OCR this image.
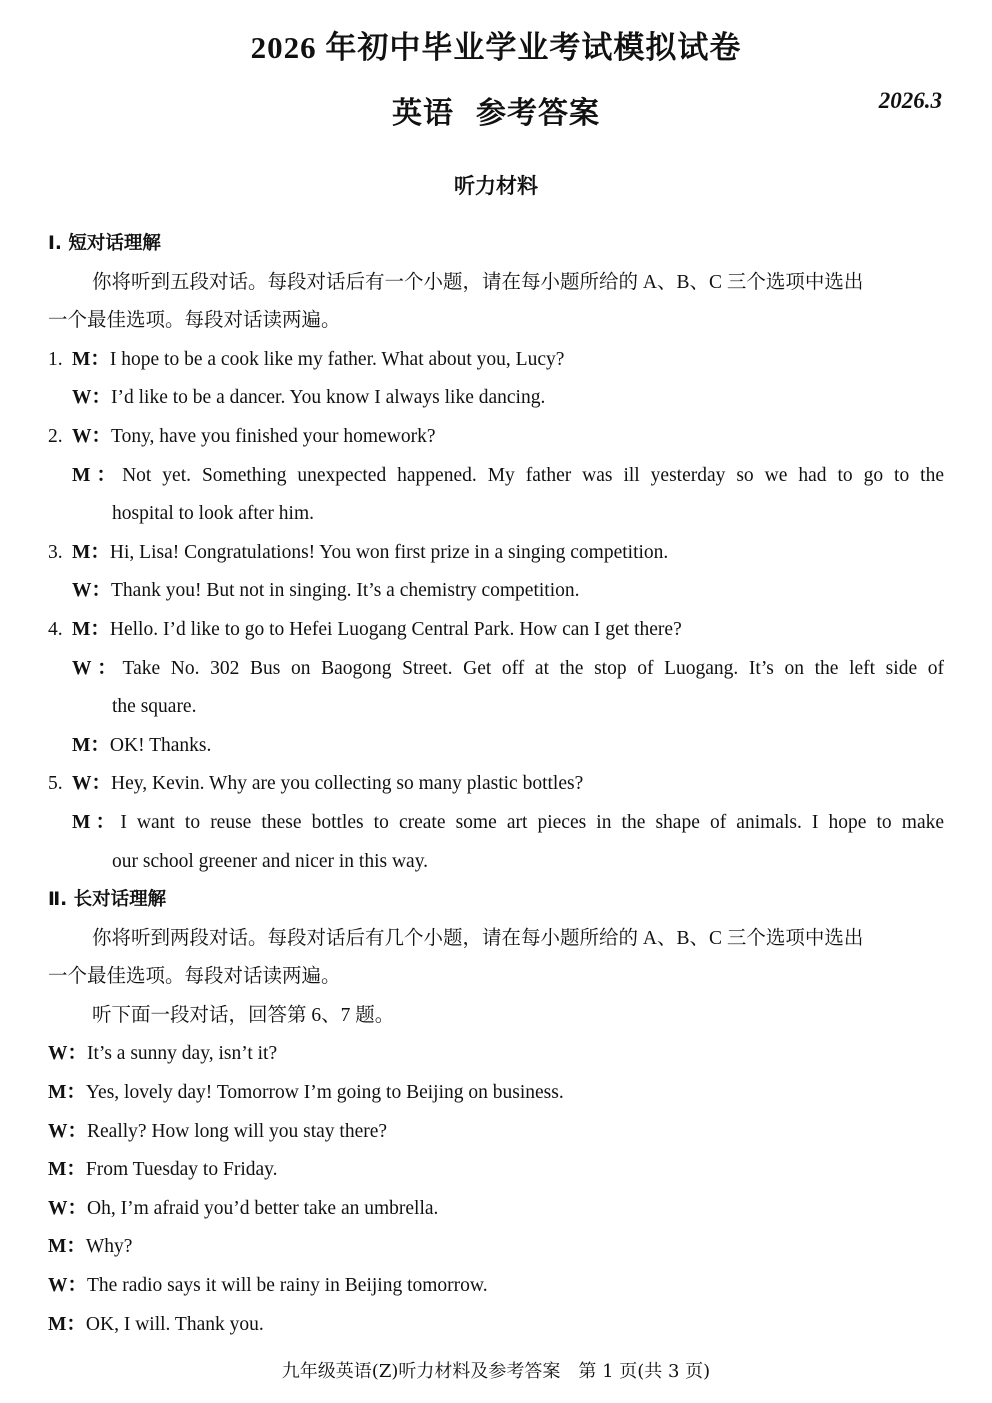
2026 年初中毕业学业考试模拟试卷
英语 参考答案	2026.3
听力材料
Ⅰ. 短对话理解
你将听到五段对话。每段对话后有一个小题，请在每小题所给的 A、B、C 三个选项中选出
一个最佳选项。每段对话读两遍。
1. M：I hope to be a cook like my father. What about you, Lucy?
W：I’d like to be a dancer. You know I always like dancing.
2. W：Tony, have you finished your homework?
M：Not yet. Something unexpected happened. My father was ill yesterday so we had to go to the
hospital to look after him.
3. M：Hi, Lisa! Congratulations! You won first prize in a singing competition.
W：Thank you! But not in singing. It’s a chemistry competition.
4. M：Hello. I’d like to go to Hefei Luogang Central Park. How can I get there?
W：Take No. 302 Bus on Baogong Street. Get off at the stop of Luogang. It’s on the left side of
the square.
M：OK! Thanks.
5. W：Hey, Kevin. Why are you collecting so many plastic bottles?
M：I want to reuse these bottles to create some art pieces in the shape of animals. I hope to make
our school greener and nicer in this way.
Ⅱ. 长对话理解
你将听到两段对话。每段对话后有几个小题，请在每小题所给的 A、B、C 三个选项中选出
一个最佳选项。每段对话读两遍。
听下面一段对话，回答第 6、7 题。
W：It’s a sunny day, isn’t it?
M：Yes, lovely day! Tomorrow I’m going to Beijing on business.
W：Really? How long will you stay there?
M：From Tuesday to Friday.
W：Oh, I’m afraid you’d better take an umbrella.
M：Why?
W：The radio says it will be rainy in Beijing tomorrow.
M：OK, I will. Thank you.
九年级英语(Z)听力材料及参考答案　第 1 页(共 3 页)
